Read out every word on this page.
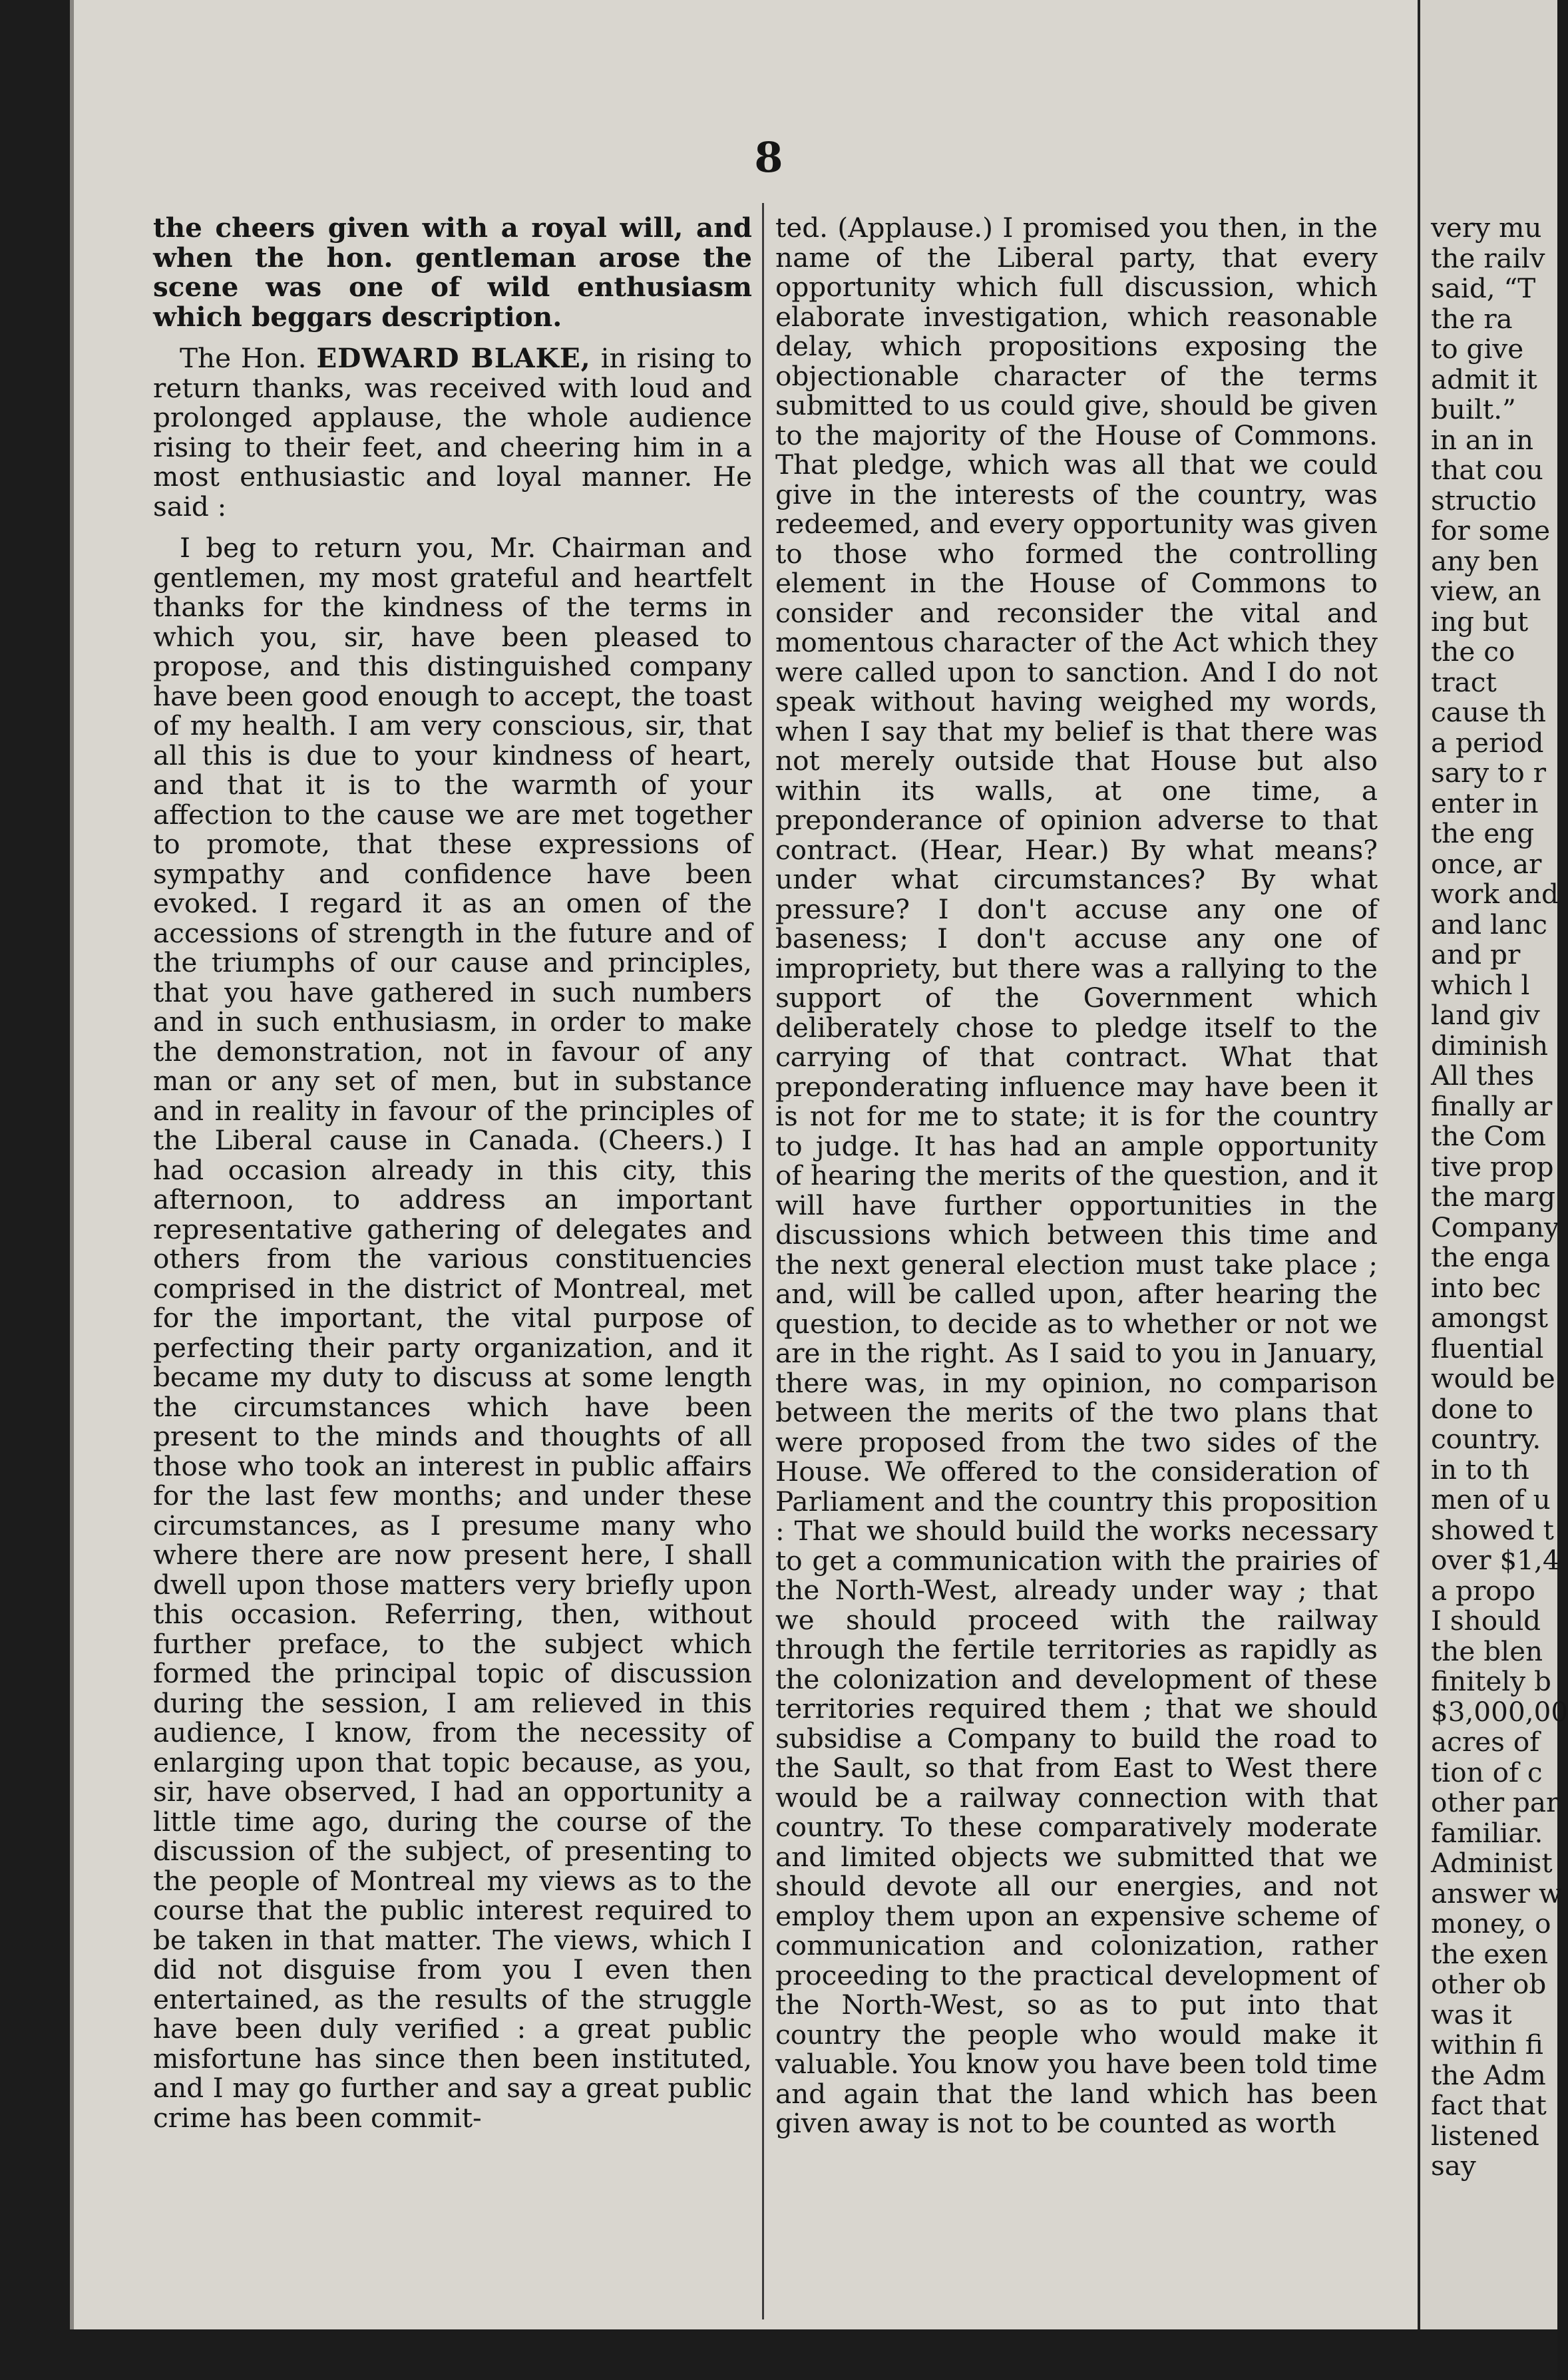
8

the cheers given with a royal will, and when the hon. gentleman arose the scene was one of wild enthusiasm which beggars description.

The Hon. EDWARD BLAKE, in rising to return thanks, was received with loud and prolonged applause, the whole audience rising to their feet, and cheering him in a most enthusiastic and loyal manner. He said :

I beg to return you, Mr. Chairman and gentlemen, my most grateful and heartfelt thanks for the kindness of the terms in which you, sir, have been pleased to propose, and this distinguished company have been good enough to accept, the toast of my health. I am very conscious, sir, that all this is due to your kindness of heart, and that it is to the warmth of your affection to the cause we are met together to promote, that these expressions of sympathy and confidence have been evoked. I regard it as an omen of the accessions of strength in the future and of the triumphs of our cause and principles, that you have gathered in such numbers and in such enthusiasm, in order to make the demonstration, not in favour of any man or any set of men, but in substance and in reality in favour of the principles of the Liberal cause in Canada. (Cheers.) I had occasion already in this city, this afternoon, to address an important representative gathering of delegates and others from the various constituencies comprised in the district of Montreal, met for the important, the vital purpose of perfecting their party organization, and it became my duty to discuss at some length the circumstances which have been present to the minds and thoughts of all those who took an interest in public affairs for the last few months; and under these circumstances, as I presume many who where there are now present here, I shall dwell upon those matters very briefly upon this occasion. Referring, then, without further preface, to the subject which formed the principal topic of discussion during the session, I am relieved in this audience, I know, from the necessity of enlarging upon that topic because, as you, sir, have observed, I had an opportunity a little time ago, during the course of the discussion of the subject, of presenting to the people of Montreal my views as to the course that the public interest required to be taken in that matter. The views, which I did not disguise from you I even then entertained, as the results of the struggle have been duly verified : a great public misfortune has since then been instituted, and I may go further and say a great public crime has been commit-

ted. (Applause.) I promised you then, in the name of the Liberal party, that every opportunity which full discussion, which elaborate investigation, which reasonable delay, which propositions exposing the objectionable character of the terms submitted to us could give, should be given to the majority of the House of Commons. That pledge, which was all that we could give in the interests of the country, was redeemed, and every opportunity was given to those who formed the controlling element in the House of Commons to consider and reconsider the vital and momentous character of the Act which they were called upon to sanction. And I do not speak without having weighed my words, when I say that my belief is that there was not merely outside that House but also within its walls, at one time, a preponderance of opinion adverse to that contract. (Hear, Hear.) By what means? under what circumstances? By what pressure? I don't accuse any one of baseness; I don't accuse any one of impropriety, but there was a rallying to the support of the Government which deliberately chose to pledge itself to the carrying of that contract. What that preponderating influence may have been it is not for me to state; it is for the country to judge. It has had an ample opportunity of hearing the merits of the question, and it will have further opportunities in the discussions which between this time and the next general election must take place ; and, will be called upon, after hearing the question, to decide as to whether or not we are in the right. As I said to you in January, there was, in my opinion, no comparison between the merits of the two plans that were proposed from the two sides of the House. We offered to the consideration of Parliament and the country this proposition : That we should build the works necessary to get a communication with the prairies of the North-West, already under way ; that we should proceed with the railway through the fertile territories as rapidly as the colonization and development of these territories required them ; that we should subsidise a Company to build the road to the Sault, so that from East to West there would be a railway connection with that country. To these comparatively moderate and limited objects we submitted that we should devote all our energies, and not employ them upon an expensive scheme of communication and colonization, rather proceeding to the practical development of the North-West, so as to put into that country the people who would make it valuable. You know you have been told time and again that the land which has been given away is not to be counted as worth

very mu
the railv
said, “T
the ra
to give
admit it
built.”
in an in
that cou
structio
for some
any ben
view, an
ing but
the co
tract
cause th
a period
sary to r
enter in
the eng
once, ar
work and
and lanc
and pr
which l
land giv
diminish
All thes
finally ar
the Com
tive prop
the marg
Company
the enga
into bec
amongst
fluential
would be
done to
country.
in to th
men of u
showed t
over $1,4
a propo
I should
the blen
finitely b
$3,000,00
acres of
tion of c
other par
familiar.
Administ
answer w
money, o
the exen
other ob
was it
within fi
the Adm
fact that
listened
say
